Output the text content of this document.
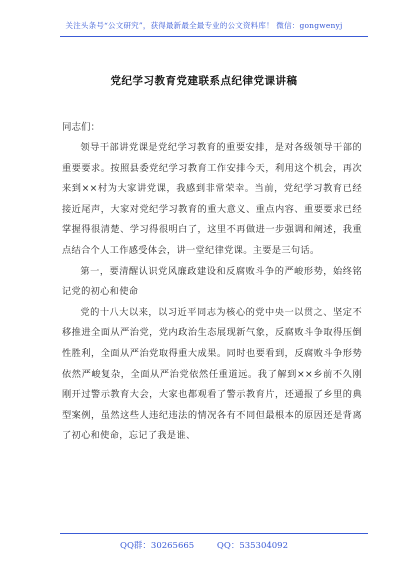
关注头条号“公文研究”，获得最新最全最专业的公文资料库！ 微信：gongwenyj
党纪学习教育党建联系点纪律党课讲稿

同志们：

领导干部讲党课是党纪学习教育的重要安排，是对各级领导干部的重要要求。按照县委党纪学习教育工作安排今天，利用这个机会，再次来到××村为大家讲党课，我感到非常荣幸。当前，党纪学习教育已经接近尾声，大家对党纪学习教育的重大意义、重点内容、重要要求已经掌握得很清楚、学习得很明白了，这里不再做进一步强调和阐述，我重点结合个人工作感受体会，讲一堂纪律党课。主要是三句话。

第一，要清醒认识党风廉政建设和反腐败斗争的严峻形势，始终铭记党的初心和使命

党的十八大以来，以习近平同志为核心的党中央一以贯之、坚定不移推进全面从严治党，党内政治生态展现新气象，反腐败斗争取得压倒性胜利，全面从严治党取得重大成果。同时也要看到，反腐败斗争形势依然严峻复杂，全面从严治党依然任重道远。我了解到××乡前不久刚刚开过警示教育大会，大家也都观看了警示教育片，还通报了乡里的典型案例，虽然这些人违纪违法的情况各有不同但最根本的原因还是背离了初心和使命，忘记了我是谁、

QQ群：30265665	QQ：535304092
